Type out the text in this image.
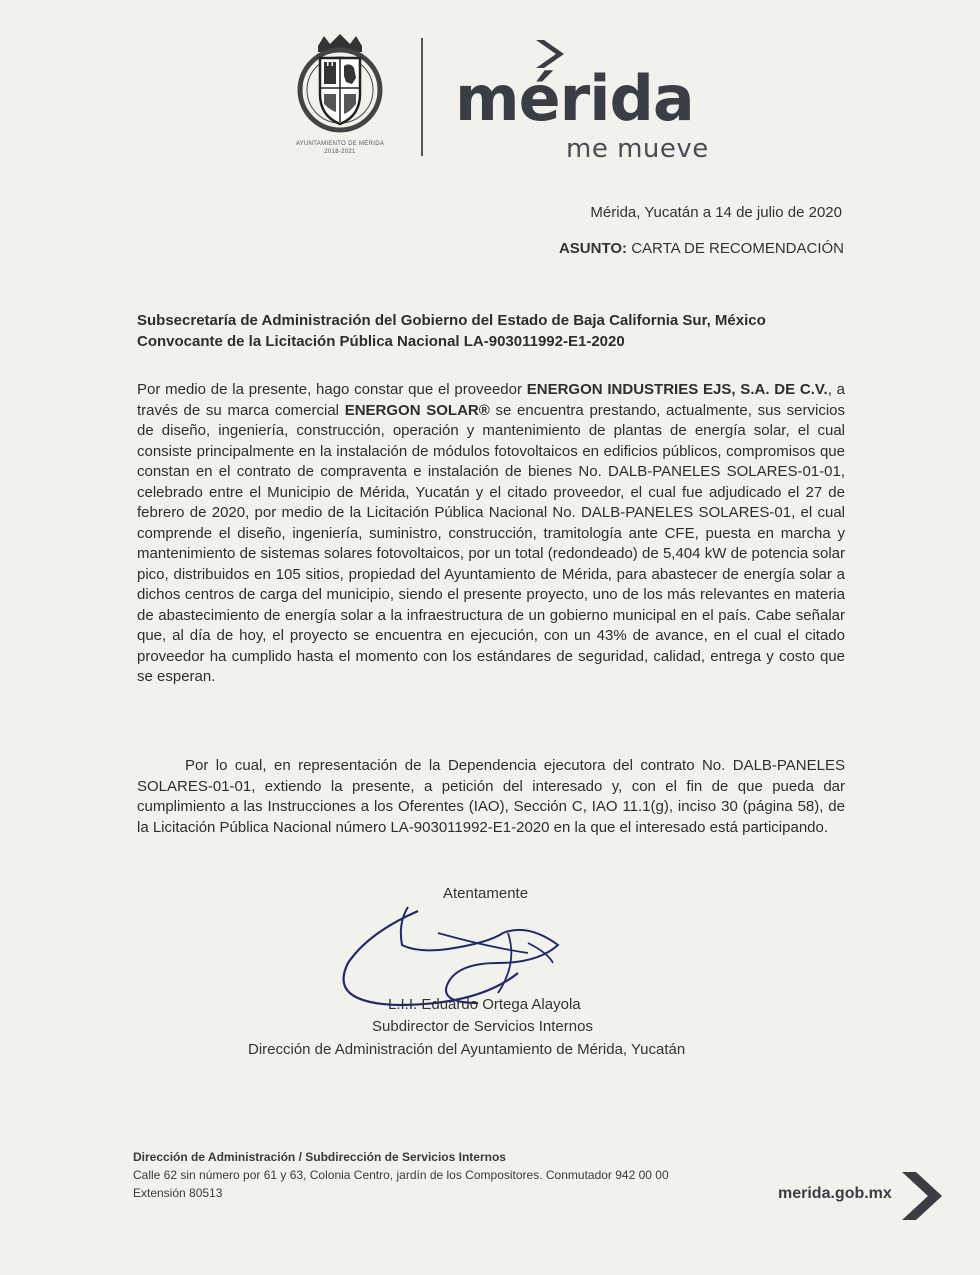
AYUNTAMIENTO DE MÉRIDA 2018-2021
mérida
me mueve
Mérida, Yucatán a 14 de julio de 2020
ASUNTO: CARTA DE RECOMENDACIÓN
Subsecretaría de Administración del Gobierno del Estado de Baja California Sur, México
Convocante de la Licitación Pública Nacional LA-903011992-E1-2020
Por medio de la presente, hago constar que el proveedor ENERGON INDUSTRIES EJS, S.A. DE C.V., a través de su marca comercial ENERGON SOLAR® se encuentra prestando, actualmente, sus servicios de diseño, ingeniería, construcción, operación y mantenimiento de plantas de energía solar, el cual consiste principalmente en la instalación de módulos fotovoltaicos en edificios públicos, compromisos que constan en el contrato de compraventa e instalación de bienes No. DALB-PANELES SOLARES-01-01, celebrado entre el Municipio de Mérida, Yucatán y el citado proveedor, el cual fue adjudicado el 27 de febrero de 2020, por medio de la Licitación Pública Nacional No. DALB-PANELES SOLARES-01, el cual comprende el diseño, ingeniería, suministro, construcción, tramitología ante CFE, puesta en marcha y mantenimiento de sistemas solares fotovoltaicos, por un total (redondeado) de 5,404 kW de potencia solar pico, distribuidos en 105 sitios, propiedad del Ayuntamiento de Mérida, para abastecer de energía solar a dichos centros de carga del municipio, siendo el presente proyecto, uno de los más relevantes en materia de abastecimiento de energía solar a la infraestructura de un gobierno municipal en el país. Cabe señalar que, al día de hoy, el proyecto se encuentra en ejecución, con un 43% de avance, en el cual el citado proveedor ha cumplido hasta el momento con los estándares de seguridad, calidad, entrega y costo que se esperan.
Por lo cual, en representación de la Dependencia ejecutora del contrato No. DALB-PANELES SOLARES-01-01, extiendo la presente, a petición del interesado y, con el fin de que pueda dar cumplimiento a las Instrucciones a los Oferentes (IAO), Sección C, IAO 11.1(g), inciso 30 (página 58), de la Licitación Pública Nacional número LA-903011992-E1-2020 en la que el interesado está participando.
Atentamente
L.I.I. Eduardo Ortega Alayola
Subdirector de Servicios Internos
Dirección de Administración del Ayuntamiento de Mérida, Yucatán
Dirección de Administración / Subdirección de Servicios Internos
Calle 62 sin número por 61 y 63, Colonia Centro, jardín de los Compositores. Conmutador 942 00 00
Extensión 80513	merida.gob.mx
